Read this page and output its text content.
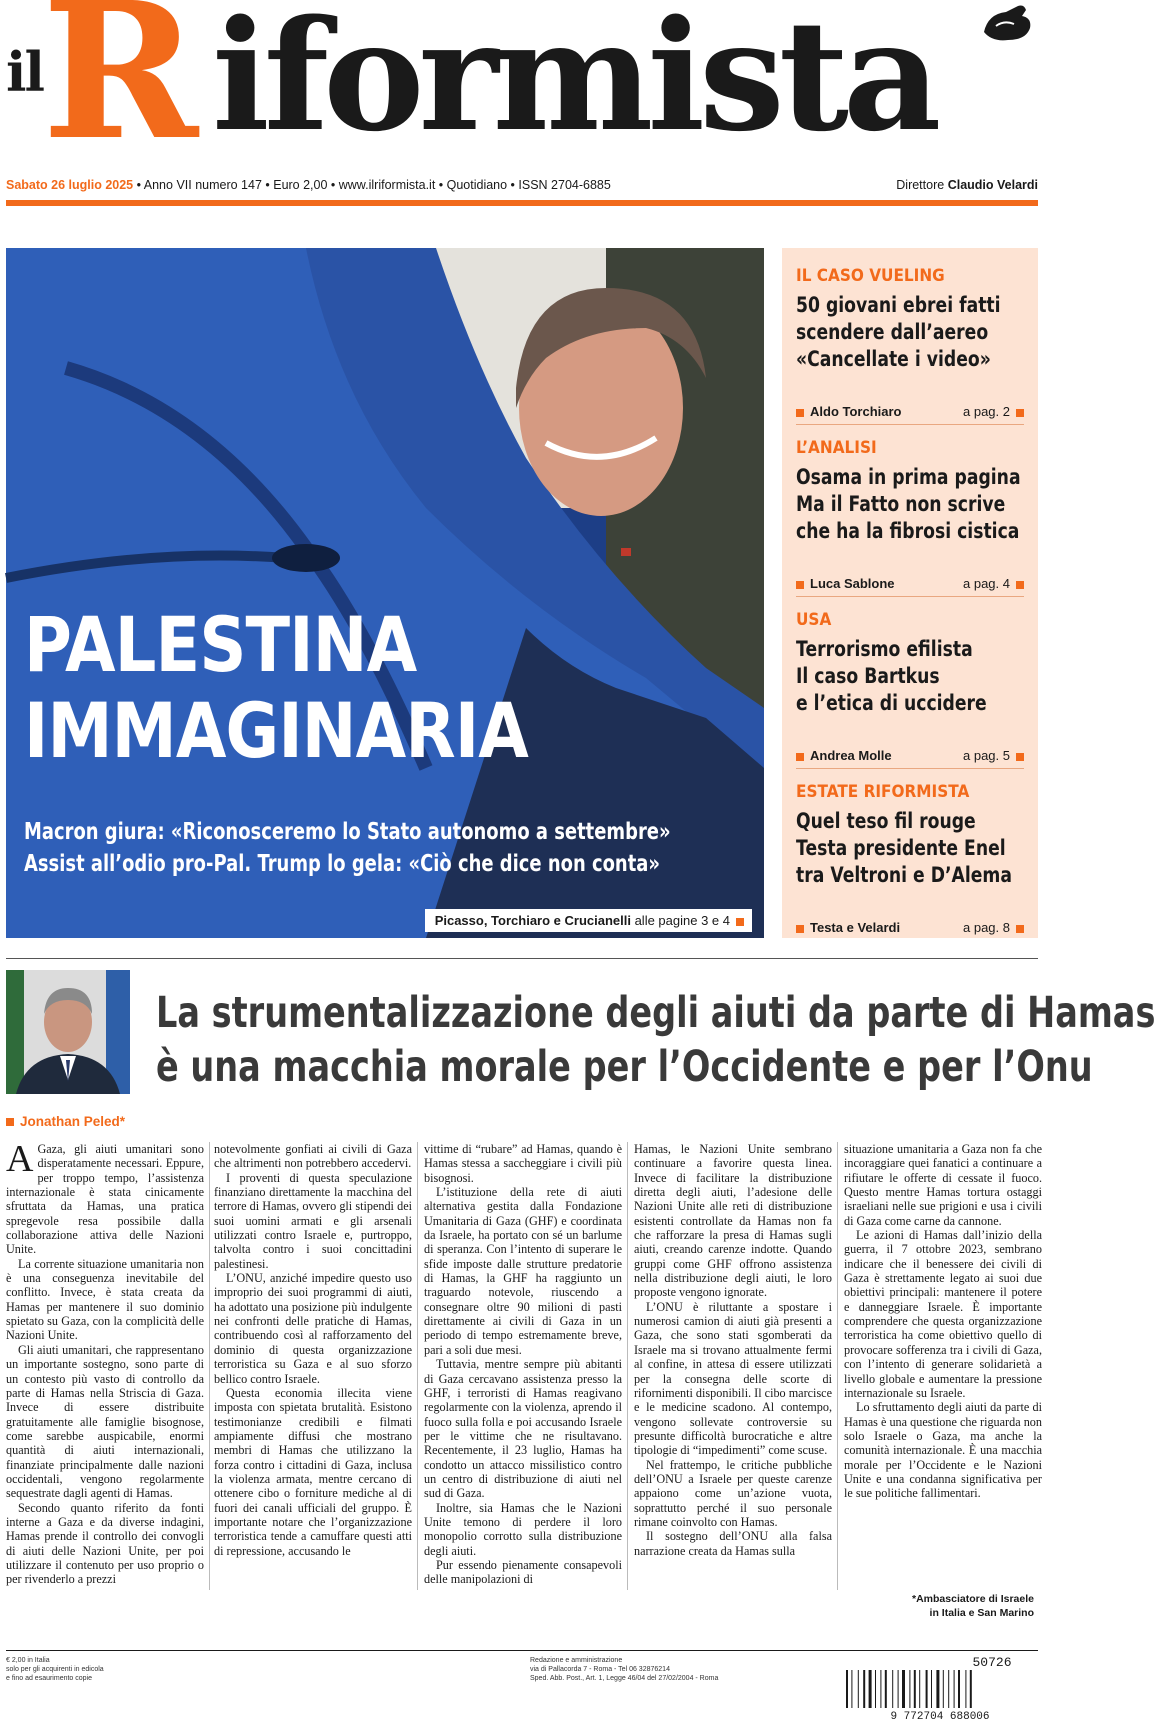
il
R iformista
Sabato 26 luglio 2025 • Anno VII numero 147 • Euro 2,00 • www.ilriformista.it • Quotidiano • ISSN 2704-6885	Direttore Claudio Velardi
PALESTINA
IMMAGINARIA
Macron giura: «Riconosceremo lo Stato autonomo a settembre»
Assist all’odio pro-Pal. Trump lo gela: «Ciò che dice non conta»
Picasso, Torchiaro e Crucianelli alle pagine 3 e 4
IL CASO VUELING
50 giovani ebrei fatti
scendere dall’aereo
«Cancellate i video»
Aldo Torchiaro	a pag. 2
L’ANALISI
Osama in prima pagina
Ma il Fatto non scrive
che ha la fibrosi cistica
Luca Sablone	a pag. 4
USA
Terrorismo efilista
Il caso Bartkus
e l’etica di uccidere
Andrea Molle	a pag. 5
ESTATE RIFORMISTA
Quel teso fil rouge
Testa presidente Enel
tra Veltroni e D’Alema
Testa e Velardi	a pag. 8
La strumentalizzazione degli aiuti da parte di Hamas
è una macchia morale per l’Occidente e per l’Onu
Jonathan Peled*

A Gaza, gli aiuti umanitari sono disperatamente necessari. Eppure, per troppo tempo, l’assistenza internazionale è stata cinicamente sfruttata da Hamas, una pratica spregevole resa possibile dalla collaborazione attiva delle Nazioni Unite.

La corrente situazione umanitaria non è una conseguenza inevitabile del conflitto. Invece, è stata creata da Hamas per mantenere il suo dominio spietato su Gaza, con la complicità delle Nazioni Unite.

Gli aiuti umanitari, che rappresentano un importante sostegno, sono parte di un contesto più vasto di controllo da parte di Hamas nella Striscia di Gaza. Invece di essere distribuite gratuitamente alle famiglie bisognose, come sarebbe auspicabile, enormi quantità di aiuti internazionali, finanziate principalmente dalle nazioni occidentali, vengono regolarmente sequestrate dagli agenti di Hamas.

Secondo quanto riferito da fonti interne a Gaza e da diverse indagini, Hamas prende il controllo dei convogli di aiuti delle Nazioni Unite, per poi utilizzare il contenuto per uso proprio o per rivenderlo a prezzi

notevolmente gonfiati ai civili di Gaza che altrimenti non potrebbero accedervi.

I proventi di questa speculazione finanziano direttamente la macchina del terrore di Hamas, ovvero gli stipendi dei suoi uomini armati e gli arsenali utilizzati contro Israele e, purtroppo, talvolta contro i suoi concittadini palestinesi.

L’ONU, anziché impedire questo uso improprio dei suoi programmi di aiuti, ha adottato una posizione più indulgente nei confronti delle pratiche di Hamas, contribuendo così al rafforzamento del dominio di questa organizzazione terroristica su Gaza e al suo sforzo bellico contro Israele.

Questa economia illecita viene imposta con spietata brutalità. Esistono testimonianze credibili e filmati ampiamente diffusi che mostrano membri di Hamas che utilizzano la forza contro i cittadini di Gaza, inclusa la violenza armata, mentre cercano di ottenere cibo o forniture mediche al di fuori dei canali ufficiali del gruppo. È importante notare che l’organizzazione terroristica tende a camuffare questi atti di repressione, accusando le

vittime di “rubare” ad Hamas, quando è Hamas stessa a saccheggiare i civili più bisognosi.

L’istituzione della rete di aiuti alternativa gestita dalla Fondazione Umanitaria di Gaza (GHF) e coordinata da Israele, ha portato con sé un barlume di speranza. Con l’intento di superare le sfide imposte dalle strutture predatorie di Hamas, la GHF ha raggiunto un traguardo notevole, riuscendo a consegnare oltre 90 milioni di pasti direttamente ai civili di Gaza in un periodo di tempo estremamente breve, pari a soli due mesi.

Tuttavia, mentre sempre più abitanti di Gaza cercavano assistenza presso la GHF, i terroristi di Hamas reagivano regolarmente con la violenza, aprendo il fuoco sulla folla e poi accusando Israele per le vittime che ne risultavano. Recentemente, il 23 luglio, Hamas ha condotto un attacco missilistico contro un centro di distribuzione di aiuti nel sud di Gaza.

Inoltre, sia Hamas che le Nazioni Unite temono di perdere il loro monopolio corrotto sulla distribuzione degli aiuti.

Pur essendo pienamente consapevoli delle manipolazioni di

Hamas, le Nazioni Unite sembrano continuare a favorire questa linea. Invece di facilitare la distribuzione diretta degli aiuti, l’adesione delle Nazioni Unite alle reti di distribuzione esistenti controllate da Hamas non fa che rafforzare la presa di Hamas sugli aiuti, creando carenze indotte. Quando gruppi come GHF offrono assistenza nella distribuzione degli aiuti, le loro proposte vengono ignorate.

L’ONU è riluttante a spostare i numerosi camion di aiuti già presenti a Gaza, che sono stati sgomberati da Israele ma si trovano attualmente fermi al confine, in attesa di essere utilizzati per la consegna delle scorte di rifornimenti disponibili. Il cibo marcisce e le medicine scadono. Al contempo, vengono sollevate controversie su presunte difficoltà burocratiche e altre tipologie di “impedimenti” come scuse.

Nel frattempo, le critiche pubbliche dell’ONU a Israele per queste carenze appaiono come un’azione vuota, soprattutto perché il suo personale rimane coinvolto con Hamas.

Il sostegno dell’ONU alla falsa narrazione creata da Hamas sulla

situazione umanitaria a Gaza non fa che incoraggiare quei fanatici a continuare a rifiutare le offerte di cessate il fuoco. Questo mentre Hamas tortura ostaggi israeliani nelle sue prigioni e usa i civili di Gaza come carne da cannone.

Le azioni di Hamas dall’inizio della guerra, il 7 ottobre 2023, sembrano indicare che il benessere dei civili di Gaza è strettamente legato ai suoi due obiettivi principali: mantenere il potere e danneggiare Israele. È importante comprendere che questa organizzazione terroristica ha come obiettivo quello di provocare sofferenza tra i civili di Gaza, con l’intento di generare solidarietà a livello globale e aumentare la pressione internazionale su Israele.

Lo sfruttamento degli aiuti da parte di Hamas è una questione che riguarda non solo Israele o Gaza, ma anche la comunità internazionale. È una macchia morale per l’Occidente e le Nazioni Unite e una condanna significativa per le sue politiche fallimentari.

*Ambasciatore di Israele
in Italia e San Marino
€ 2,00 in Italia
solo per gli acquirenti in edicola
e fino ad esaurimento copie
Redazione e amministrazione
via di Pallacorda 7 - Roma - Tel 06 32876214
Sped. Abb. Post., Art. 1, Legge 46/04 del 27/02/2004 - Roma
50726
9 772704 688006
